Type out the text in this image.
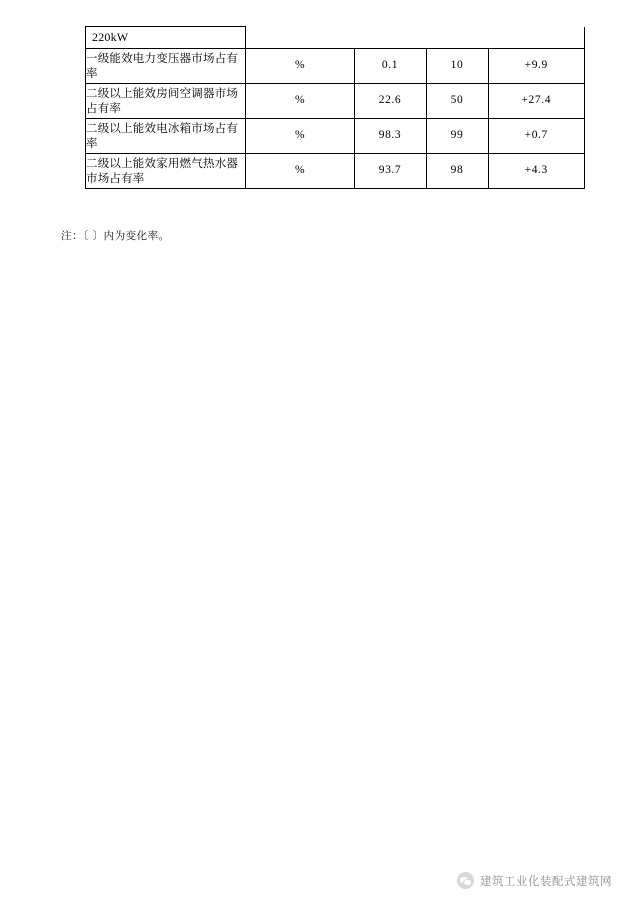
220kW				
一级能效电力变压器市场占有率	%	0.1	10	+9.9
二级以上能效房间空调器市场占有率	%	22.6	50	+27.4
二级以上能效电冰箱市场占有率	%	98.3	99	+0.7
二级以上能效家用燃气热水器市场占有率	%	93.7	98	+4.3
注：〔 〕内为变化率。
建筑工业化装配式建筑网
